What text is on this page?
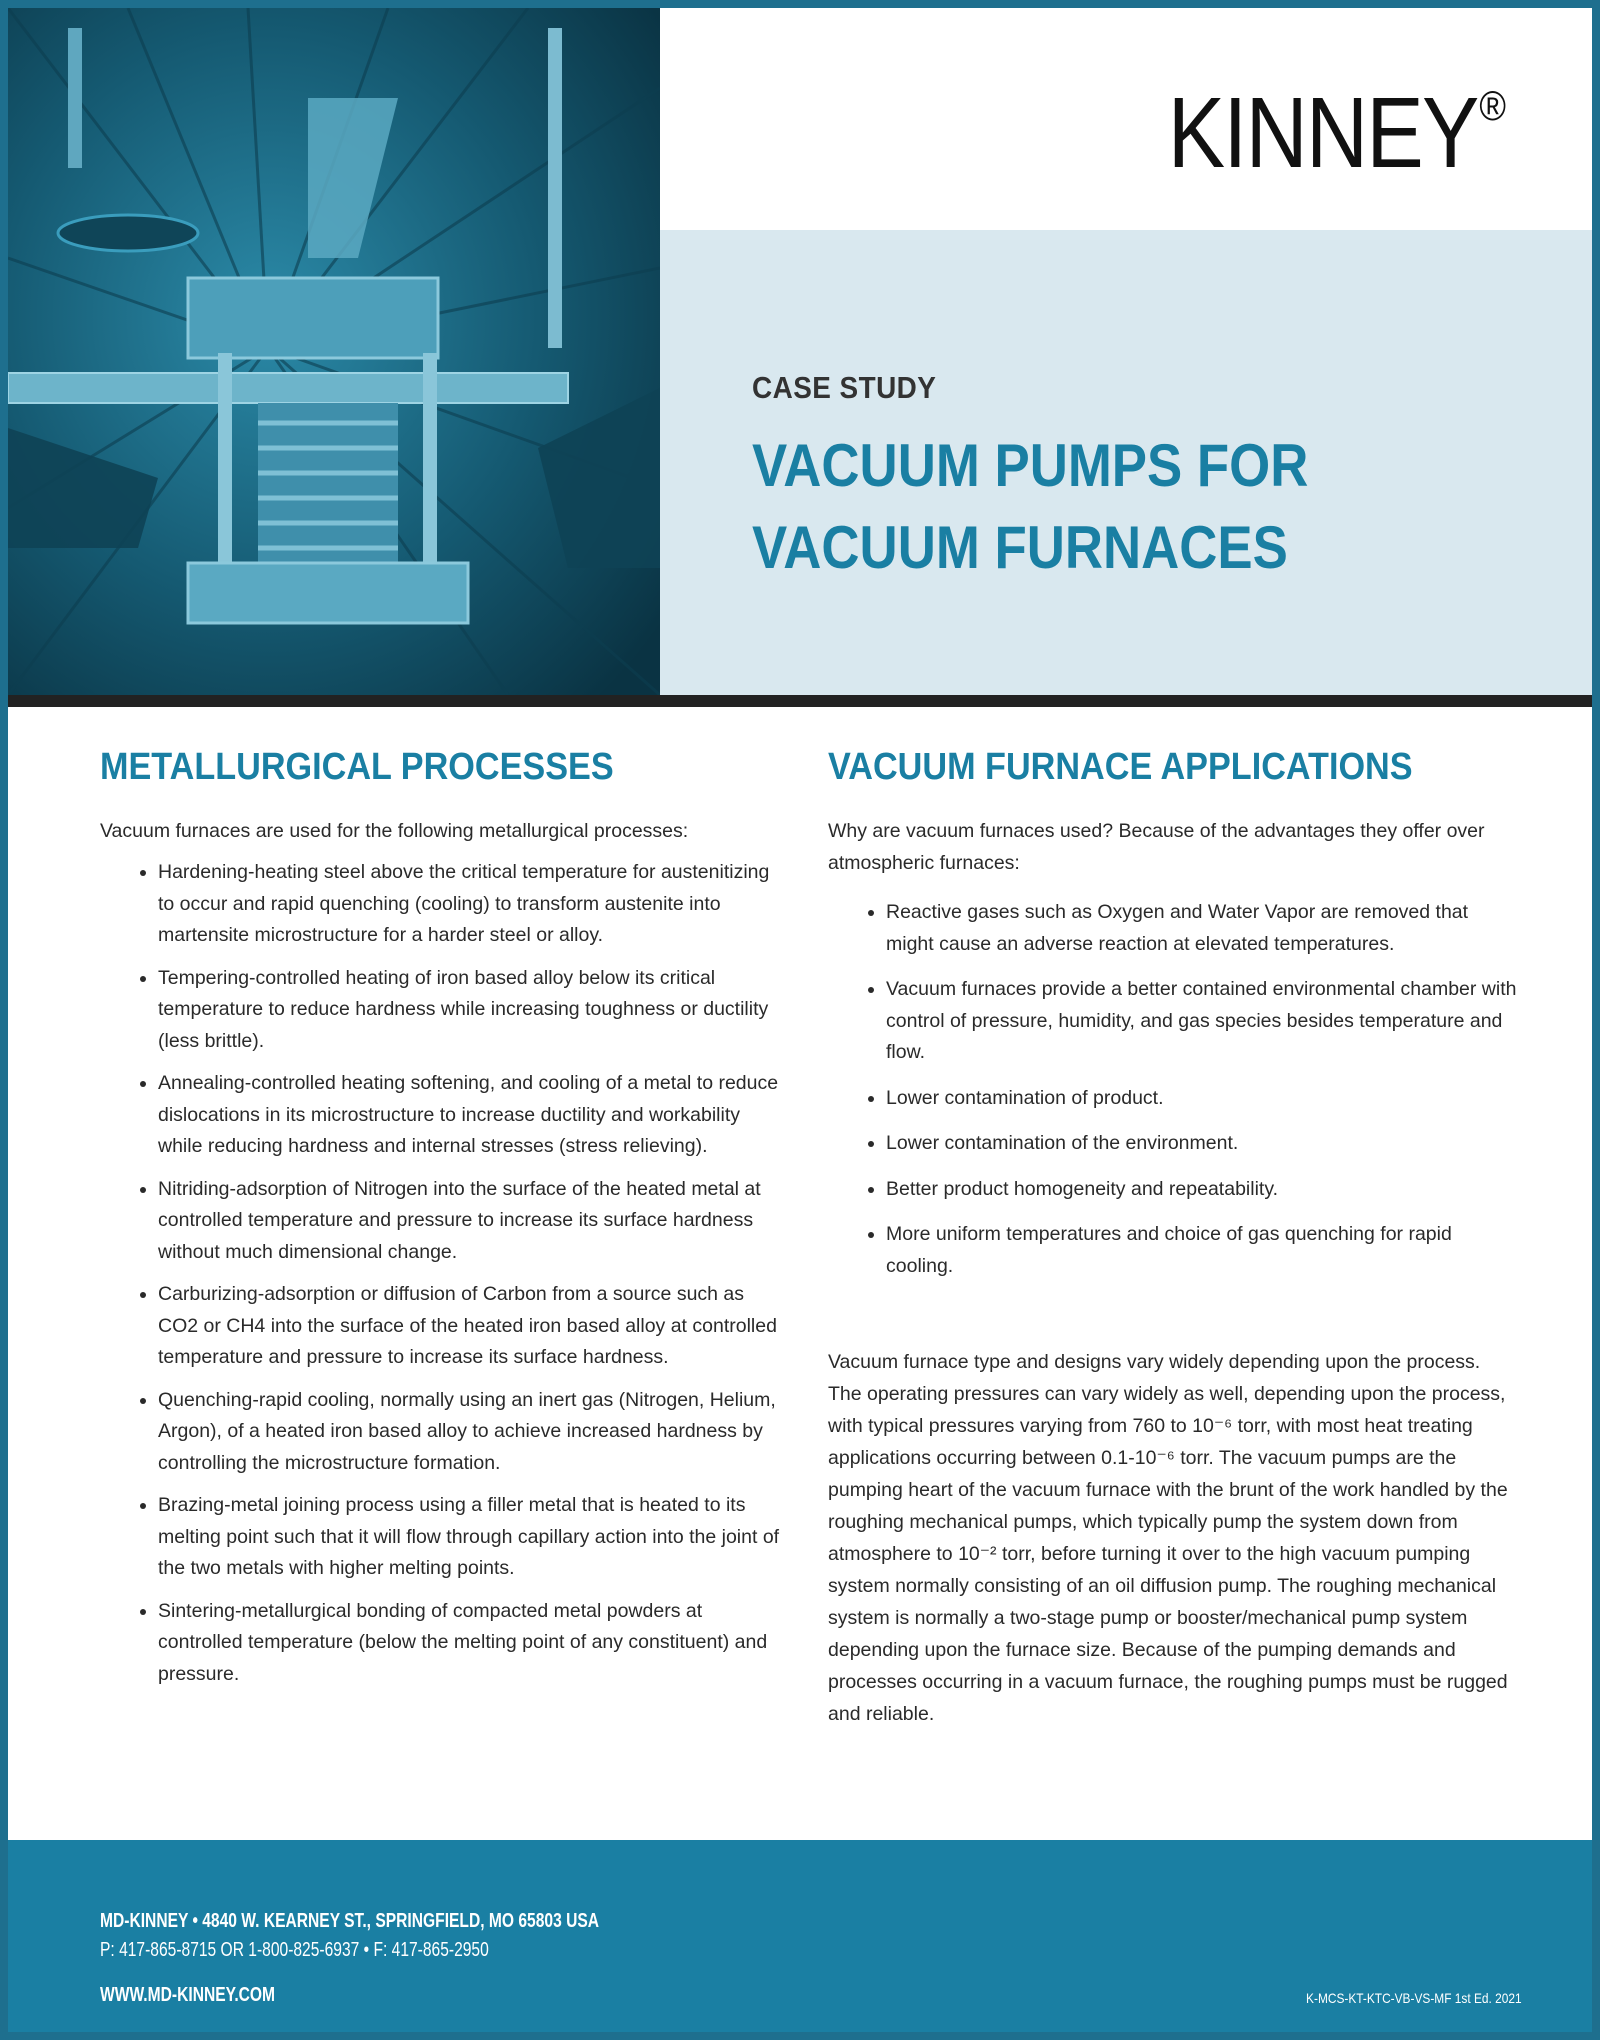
KINNEY®
CASE STUDY
VACUUM PUMPS FOR
VACUUM FURNACES
METALLURGICAL PROCESSES

Vacuum furnaces are used for the following metallurgical processes:

• Hardening-heating steel above the critical temperature for austenitizing to occur and rapid quenching (cooling) to transform austenite into martensite microstructure for a harder steel or alloy.
• Tempering-controlled heating of iron based alloy below its critical temperature to reduce hardness while increasing toughness or ductility (less brittle).
• Annealing-controlled heating softening, and cooling of a metal to reduce dislocations in its microstructure to increase ductility and workability while reducing hardness and internal stresses (stress relieving).
• Nitriding-adsorption of Nitrogen into the surface of the heated metal at controlled temperature and pressure to increase its surface hardness without much dimensional change.
• Carburizing-adsorption or diffusion of Carbon from a source such as CO2 or CH4 into the surface of the heated iron based alloy at controlled temperature and pressure to increase its surface hardness.
• Quenching-rapid cooling, normally using an inert gas (Nitrogen, Helium, Argon), of a heated iron based alloy to achieve increased hardness by controlling the microstructure formation.
• Brazing-metal joining process using a filler metal that is heated to its melting point such that it will flow through capillary action into the joint of the two metals with higher melting points.
• Sintering-metallurgical bonding of compacted metal powders at controlled temperature (below the melting point of any constituent) and pressure.
VACUUM FURNACE APPLICATIONS

Why are vacuum furnaces used? Because of the advantages they offer over atmospheric furnaces:

• Reactive gases such as Oxygen and Water Vapor are removed that might cause an adverse reaction at elevated temperatures.
• Vacuum furnaces provide a better contained environmental chamber with control of pressure, humidity, and gas species besides temperature and flow.
• Lower contamination of product.
• Lower contamination of the environment.
• Better product homogeneity and repeatability.
• More uniform temperatures and choice of gas quenching for rapid cooling.

Vacuum furnace type and designs vary widely depending upon the process. The operating pressures can vary widely as well, depending upon the process, with typical pressures varying from 760 to 10⁻⁶ torr, with most heat treating applications occurring between 0.1-10⁻⁶ torr. The vacuum pumps are the pumping heart of the vacuum furnace with the brunt of the work handled by the roughing mechanical pumps, which typically pump the system down from atmosphere to 10⁻² torr, before turning it over to the high vacuum pumping system normally consisting of an oil diffusion pump. The roughing mechanical system is normally a two-stage pump or booster/mechanical pump system depending upon the furnace size. Because of the pumping demands and processes occurring in a vacuum furnace, the roughing pumps must be rugged and reliable.

MD-KINNEY • 4840 W. KEARNEY ST., SPRINGFIELD, MO 65803 USA
P: 417-865-8715 OR 1-800-825-6937 • F: 417-865-2950
WWW.MD-KINNEY.COM	K-MCS-KT-KTC-VB-VS-MF 1st Ed. 2021
